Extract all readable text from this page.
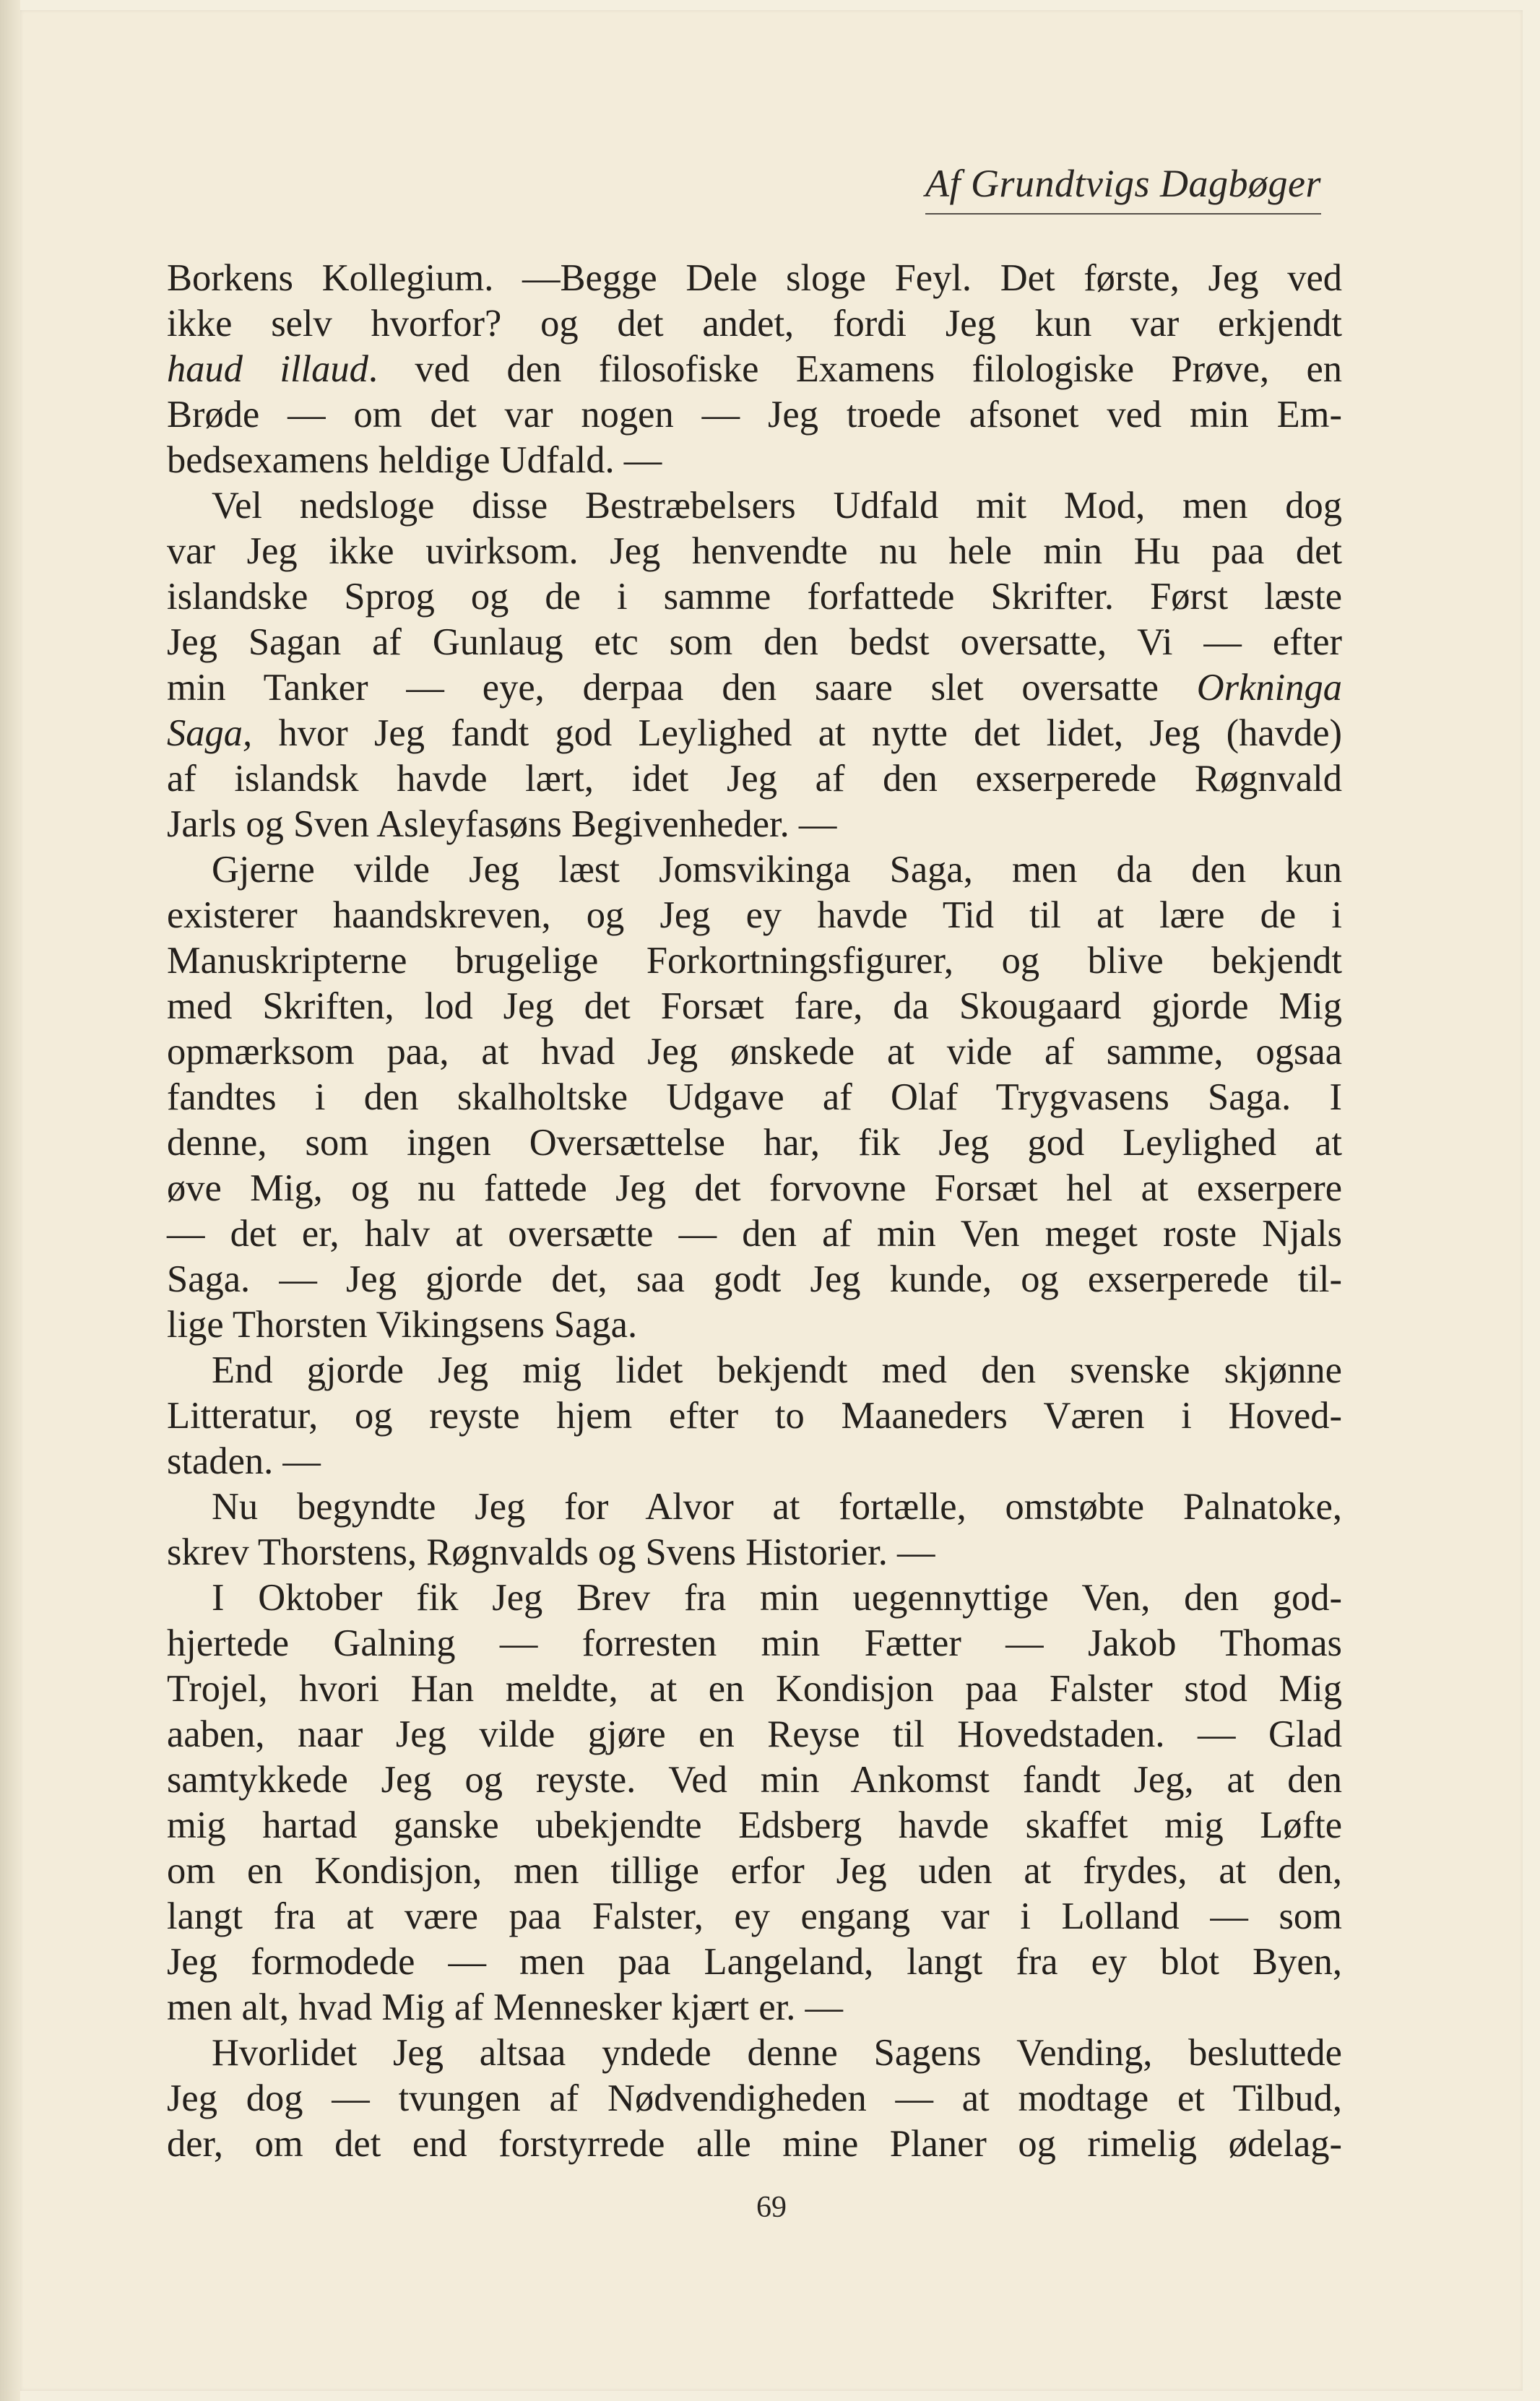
Af Grundtvigs Dagbøger
Borkens Kollegium. —Begge Dele sloge Feyl. Det første, Jeg ved
ikke selv hvorfor? og det andet, fordi Jeg kun var erkjendt
haud illaud. ved den filosofiske Examens filologiske Prøve, en
Brøde — om det var nogen — Jeg troede afsonet ved min Em-
bedsexamens heldige Udfald. —
Vel nedsloge disse Bestræbelsers Udfald mit Mod, men dog
var Jeg ikke uvirksom. Jeg henvendte nu hele min Hu paa det
islandske Sprog og de i samme forfattede Skrifter. Først læste
Jeg Sagan af Gunlaug etc som den bedst oversatte, Vi — efter
min Tanker — eye, derpaa den saare slet oversatte Orkninga
Saga, hvor Jeg fandt god Leylighed at nytte det lidet, Jeg (havde)
af islandsk havde lært, idet Jeg af den exserperede Røgnvald
Jarls og Sven Asleyfasøns Begivenheder. —
Gjerne vilde Jeg læst Jomsvikinga Saga, men da den kun
existerer haandskreven, og Jeg ey havde Tid til at lære de i
Manuskripterne brugelige Forkortningsfigurer, og blive bekjendt
med Skriften, lod Jeg det Forsæt fare, da Skougaard gjorde Mig
opmærksom paa, at hvad Jeg ønskede at vide af samme, ogsaa
fandtes i den skalholtske Udgave af Olaf Trygvasens Saga. I
denne, som ingen Oversættelse har, fik Jeg god Leylighed at
øve Mig, og nu fattede Jeg det forvovne Forsæt hel at exserpere
— det er, halv at oversætte — den af min Ven meget roste Njals
Saga. — Jeg gjorde det, saa godt Jeg kunde, og exserperede til-
lige Thorsten Vikingsens Saga.
End gjorde Jeg mig lidet bekjendt med den svenske skjønne
Litteratur, og reyste hjem efter to Maaneders Væren i Hoved-
staden. —
Nu begyndte Jeg for Alvor at fortælle, omstøbte Palnatoke,
skrev Thorstens, Røgnvalds og Svens Historier. —
I Oktober fik Jeg Brev fra min uegennyttige Ven, den god-
hjertede Galning — forresten min Fætter — Jakob Thomas
Trojel, hvori Han meldte, at en Kondisjon paa Falster stod Mig
aaben, naar Jeg vilde gjøre en Reyse til Hovedstaden. — Glad
samtykkede Jeg og reyste. Ved min Ankomst fandt Jeg, at den
mig hartad ganske ubekjendte Edsberg havde skaffet mig Løfte
om en Kondisjon, men tillige erfor Jeg uden at frydes, at den,
langt fra at være paa Falster, ey engang var i Lolland — som
Jeg formodede — men paa Langeland, langt fra ey blot Byen,
men alt, hvad Mig af Mennesker kjært er. —
Hvorlidet Jeg altsaa yndede denne Sagens Vending, besluttede
Jeg dog — tvungen af Nødvendigheden — at modtage et Tilbud,
der, om det end forstyrrede alle mine Planer og rimelig ødelag-
69
